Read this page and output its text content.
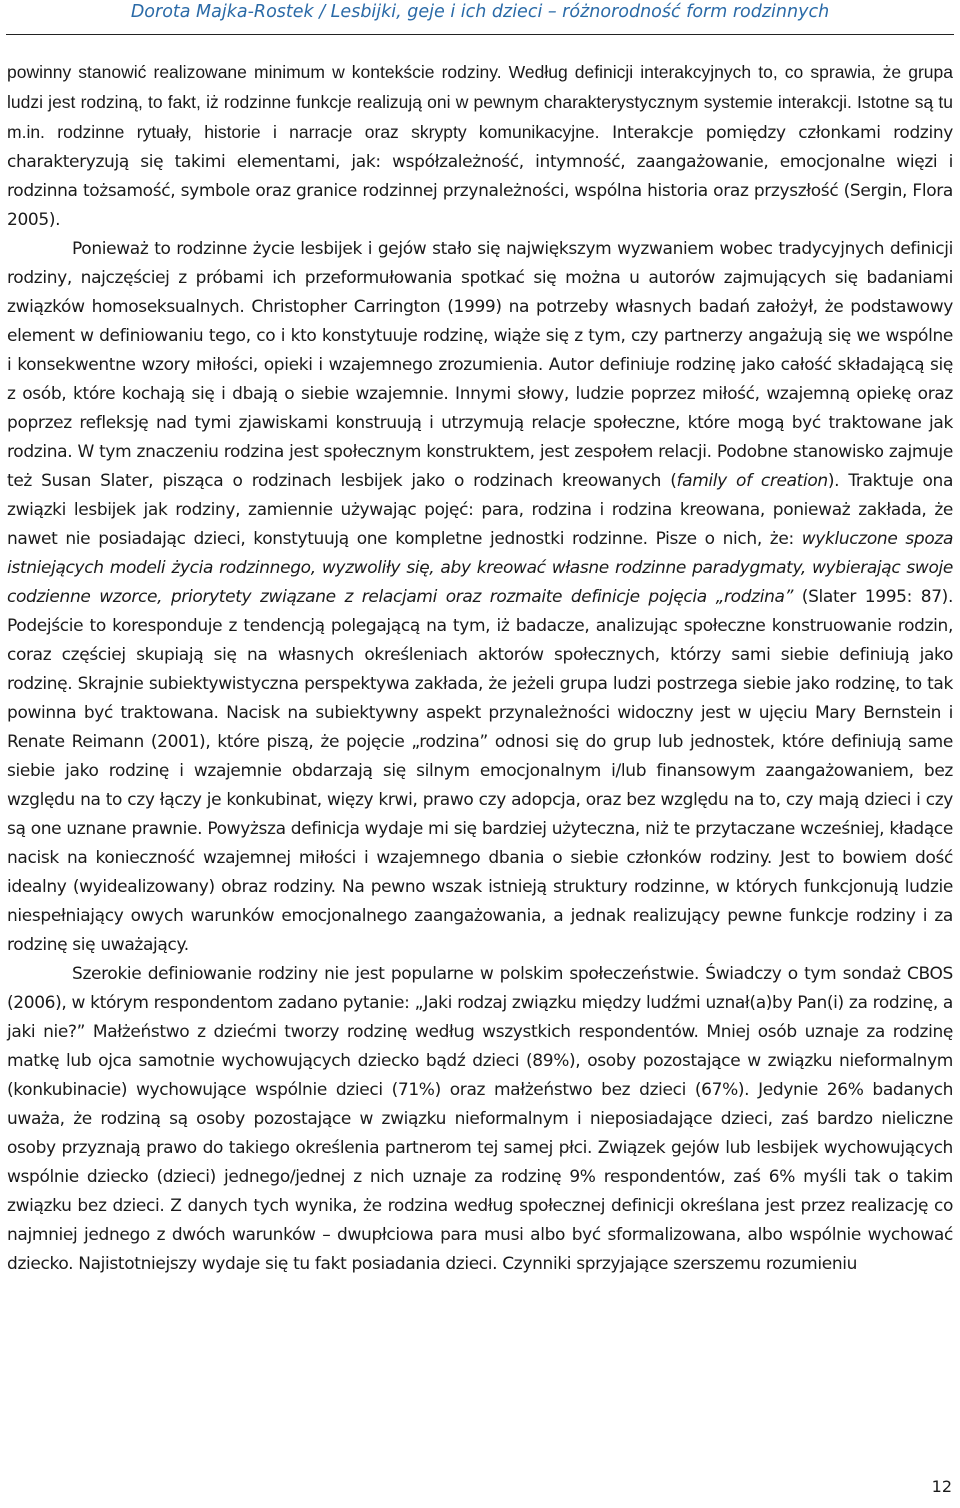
Dorota Majka-Rostek / Lesbijki, geje i ich dzieci – różnorodność form rodzinnych

powinny stanowić realizowane minimum w kontekście rodziny. Według definicji interakcyjnych to, co sprawia, że grupa ludzi jest rodziną, to fakt, iż rodzinne funkcje realizują oni w pewnym charakterystycznym systemie interakcji. Istotne są tu m.in. rodzinne rytuały, historie i narracje oraz skrypty komunikacyjne. Interakcje pomiędzy członkami rodziny charakteryzują się takimi elementami, jak: współzależność, intymność, zaangażowanie, emocjonalne więzi i rodzinna tożsamość, symbole oraz granice rodzinnej przynależności, wspólna historia oraz przyszłość (Sergin, Flora 2005).

Ponieważ to rodzinne życie lesbijek i gejów stało się największym wyzwaniem wobec tradycyjnych definicji rodziny, najczęściej z próbami ich przeformułowania spotkać się można u autorów zajmujących się badaniami związków homoseksualnych. Christopher Carrington (1999) na potrzeby własnych badań założył, że podstawowy element w definiowaniu tego, co i kto konstytuuje rodzinę, wiąże się z tym, czy partnerzy angażują się we wspólne i konsekwentne wzory miłości, opieki i wzajemnego zrozumienia. Autor definiuje rodzinę jako całość składającą się z osób, które kochają się i dbają o siebie wzajemnie. Innymi słowy, ludzie poprzez miłość, wzajemną opiekę oraz poprzez refleksję nad tymi zjawiskami konstruują i utrzymują relacje społeczne, które mogą być traktowane jak rodzina. W tym znaczeniu rodzina jest społecznym konstruktem, jest zespołem relacji. Podobne stanowisko zajmuje też Susan Slater, pisząca o rodzinach lesbijek jako o rodzinach kreowanych (family of creation). Traktuje ona związki lesbijek jak rodziny, zamiennie używając pojęć: para, rodzina i rodzina kreowana, ponieważ zakłada, że nawet nie posiadając dzieci, konstytuują one kompletne jednostki rodzinne. Pisze o nich, że: wykluczone spoza istniejących modeli życia rodzinnego, wyzwoliły się, aby kreować własne rodzinne paradygmaty, wybierając swoje codzienne wzorce, priorytety związane z relacjami oraz rozmaite definicje pojęcia „rodzina” (Slater 1995: 87). Podejście to koresponduje z tendencją polegającą na tym, iż badacze, analizując społeczne konstruowanie rodzin, coraz częściej skupiają się na własnych określeniach aktorów społecznych, którzy sami siebie definiują jako rodzinę. Skrajnie subiektywistyczna perspektywa zakłada, że jeżeli grupa ludzi postrzega siebie jako rodzinę, to tak powinna być traktowana. Nacisk na subiektywny aspekt przynależności widoczny jest w ujęciu Mary Bernstein i Renate Reimann (2001), które piszą, że pojęcie „rodzina” odnosi się do grup lub jednostek, które definiują same siebie jako rodzinę i wzajemnie obdarzają się silnym emocjonalnym i/lub finansowym zaangażowaniem, bez względu na to czy łączy je konkubinat, więzy krwi, prawo czy adopcja, oraz bez względu na to, czy mają dzieci i czy są one uznane prawnie. Powyższa definicja wydaje mi się bardziej użyteczna, niż te przytaczane wcześniej, kładące nacisk na konieczność wzajemnej miłości i wzajemnego dbania o siebie członków rodziny. Jest to bowiem dość idealny (wyidealizowany) obraz rodziny. Na pewno wszak istnieją struktury rodzinne, w których funkcjonują ludzie niespełniający owych warunków emocjonalnego zaangażowania, a jednak realizujący pewne funkcje rodziny i za rodzinę się uważający.

Szerokie definiowanie rodziny nie jest popularne w polskim społeczeństwie. Świadczy o tym sondaż CBOS (2006), w którym respondentom zadano pytanie: „Jaki rodzaj związku między ludźmi uznał(a)by Pan(i) za rodzinę, a jaki nie?” Małżeństwo z dziećmi tworzy rodzinę według wszystkich respondentów. Mniej osób uznaje za rodzinę matkę lub ojca samotnie wychowujących dziecko bądź dzieci (89%), osoby pozostające w związku nieformalnym (konkubinacie) wychowujące wspólnie dzieci (71%) oraz małżeństwo bez dzieci (67%). Jedynie 26% badanych uważa, że rodziną są osoby pozostające w związku nieformalnym i nieposiadające dzieci, zaś bardzo nieliczne osoby przyznają prawo do takiego określenia partnerom tej samej płci. Związek gejów lub lesbijek wychowujących wspólnie dziecko (dzieci) jednego/jednej z nich uznaje za rodzinę 9% respondentów, zaś 6% myśli tak o takim związku bez dzieci. Z danych tych wynika, że rodzina według społecznej definicji określana jest przez realizację co najmniej jednego z dwóch warunków – dwupłciowa para musi albo być sformalizowana, albo wspólnie wychować dziecko. Najistotniejszy wydaje się tu fakt posiadania dzieci. Czynniki sprzyjające szerszemu rozumieniu

12
